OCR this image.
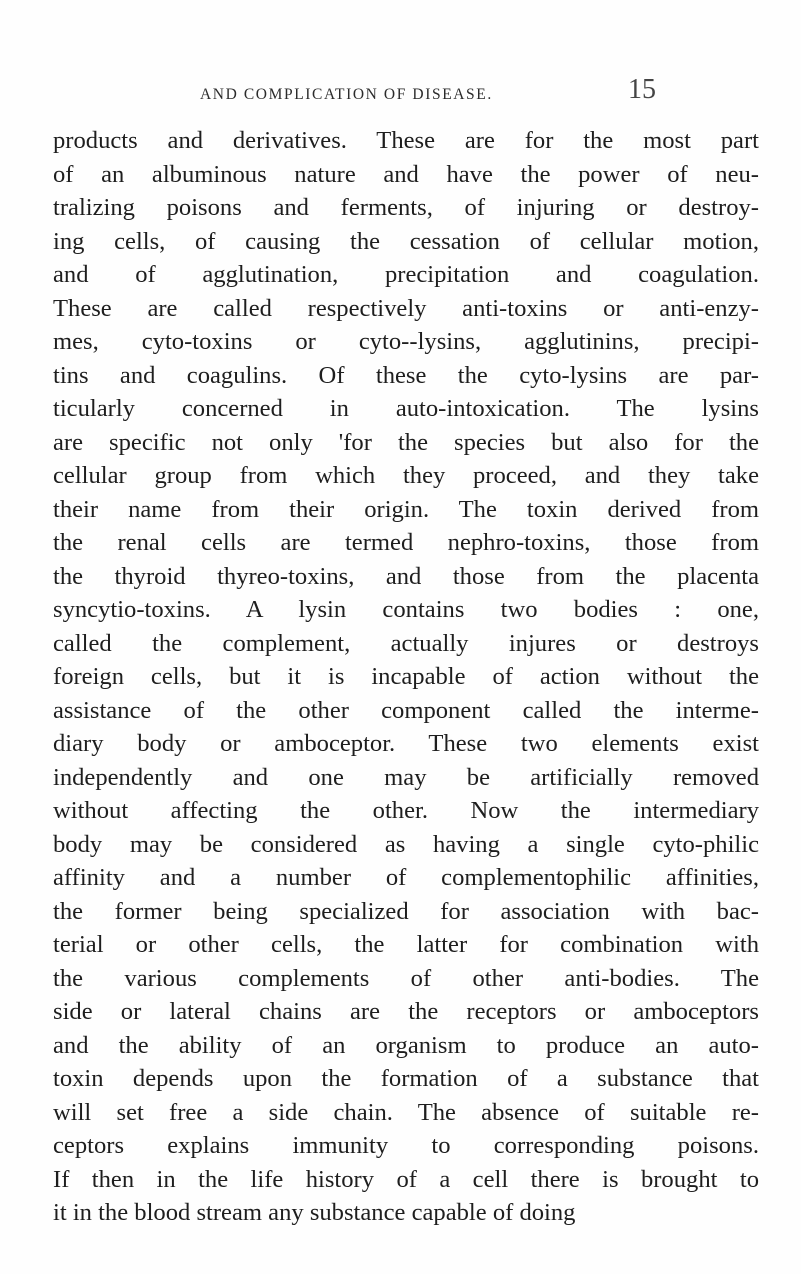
AND COMPLICATION OF DISEASE.	15
products and derivatives. These are for the most part
of an albuminous nature and have the power of neu-
tralizing poisons and ferments, of injuring or destroy-
ing cells, of causing the cessation of cellular motion,
and of agglutination, precipitation and coagulation.
These are called respectively anti-toxins or anti-enzy-
mes, cyto-toxins or cyto--lysins, agglutinins, precipi-
tins and coagulins. Of these the cyto-lysins are par-
ticularly concerned in auto-intoxication. The lysins
are specific not only 'for the species but also for the
cellular group from which they proceed, and they take
their name from their origin. The toxin derived from
the renal cells are termed nephro-toxins, those from
the thyroid thyreo-toxins, and those from the placenta
syncytio-toxins. A lysin contains two bodies : one,
called the complement, actually injures or destroys
foreign cells, but it is incapable of action without the
assistance of the other component called the interme-
diary body or amboceptor. These two elements exist
independently and one may be artificially removed
without affecting the other. Now the intermediary
body may be considered as having a single cyto-philic
affinity and a number of complementophilic affinities,
the former being specialized for association with bac-
terial or other cells, the latter for combination with
the various complements of other anti-bodies. The
side or lateral chains are the receptors or amboceptors
and the ability of an organism to produce an auto-
toxin depends upon the formation of a substance that
will set free a side chain. The absence of suitable re-
ceptors explains immunity to corresponding poisons.
If then in the life history of a cell there is brought to
it in the blood stream any substance capable of doing
